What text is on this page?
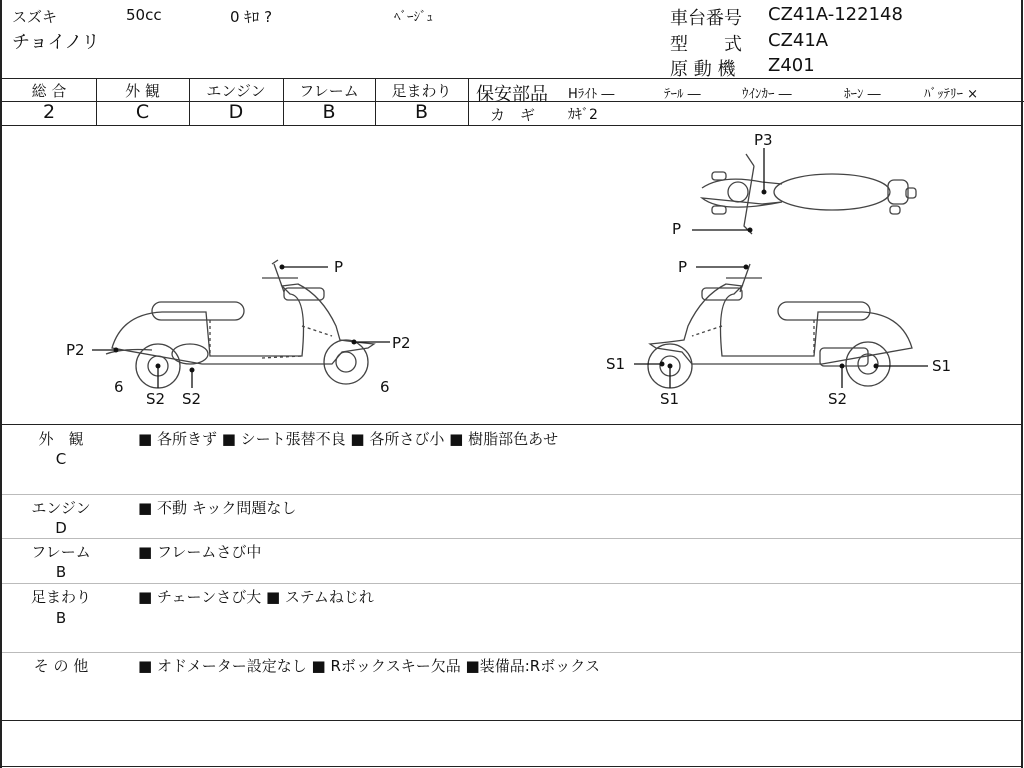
スズキ	50cc	0 ｷﾛ ?	ﾍﾞｰｼﾞｭ
チョイノリ
車台番号 CZ41A-122148
型　　式 CZ41A
原 動 機 Z401
総 合	外 観	エンジン	フレーム	足まわり
2	C	D	B	B
保安部品 Hﾗｲﾄ ―	ﾃｰﾙ ―	ｳｲﾝｶｰ ―	ﾎｰﾝ ―	ﾊﾞｯﾃﾘｰ ×
カ　ギ ｶｷﾞ2
P
P2	P2
6	6
S2 S2
P
S1
S1
S1
S2
P3
P
外　観
C
■ 各所きず ■ シート張替不良 ■ 各所さび小 ■ 樹脂部色あせ
エンジン
D
■ 不動 キック問題なし
フレーム
B
■ フレームさび中
足まわり
B
■ チェーンさび大 ■ ステムねじれ
そ の 他	■ オドメーター設定なし ■ Rボックスキー欠品 ■装備品:Rボックス
